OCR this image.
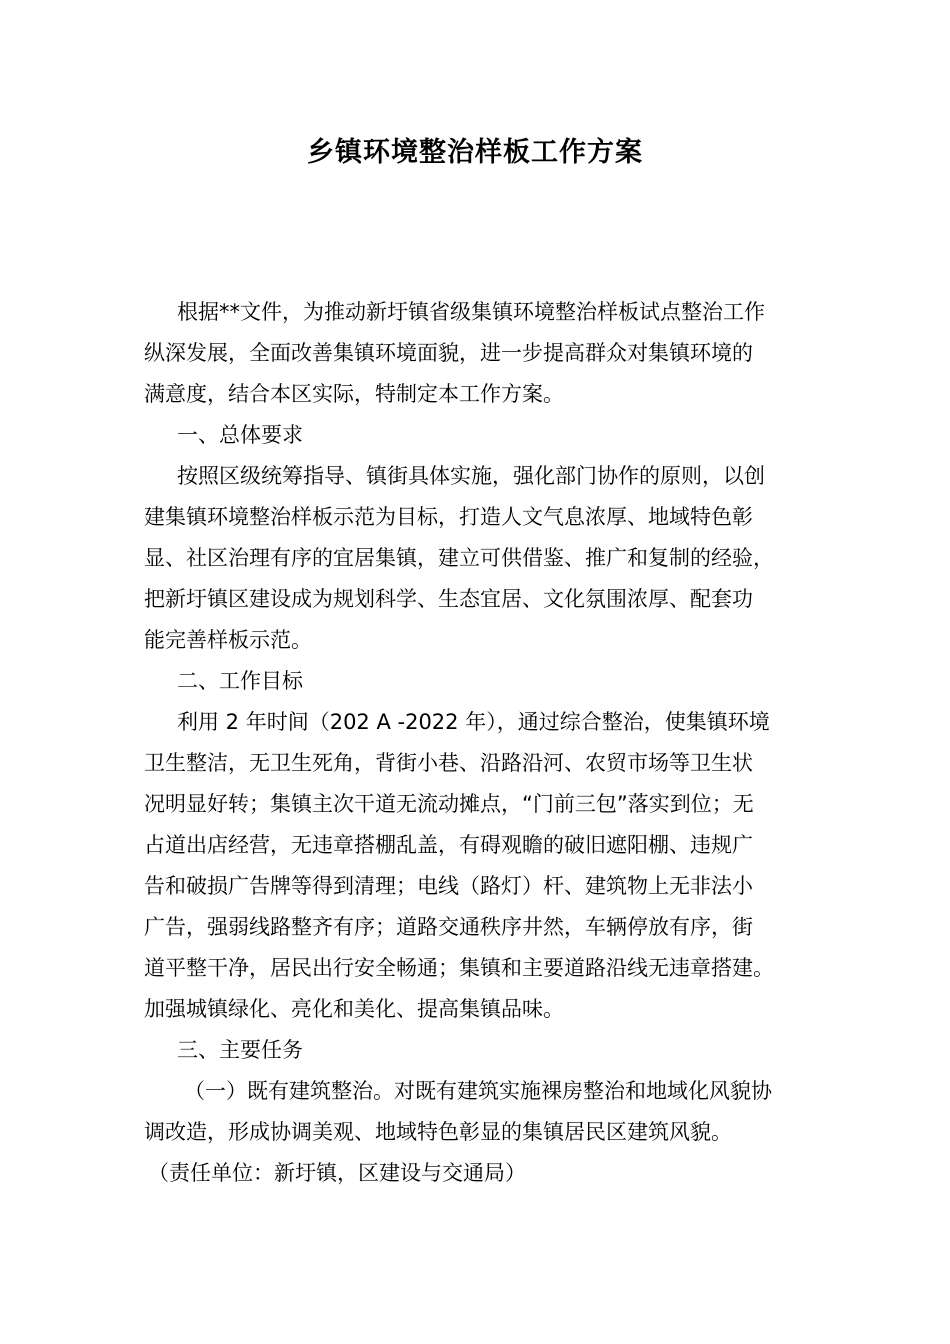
乡镇环境整治样板工作方案
根据**文件，为推动新圩镇省级集镇环境整治样板试点整治工作
纵深发展，全面改善集镇环境面貌，进一步提高群众对集镇环境的
满意度，结合本区实际，特制定本工作方案。
一、总体要求
按照区级统筹指导、镇街具体实施，强化部门协作的原则，以创
建集镇环境整治样板示范为目标，打造人文气息浓厚、地域特色彰
显、社区治理有序的宜居集镇，建立可供借鉴、推广和复制的经验，
把新圩镇区建设成为规划科学、生态宜居、文化氛围浓厚、配套功
能完善样板示范。
二、工作目标
利用 2 年时间（202 A -2022 年），通过综合整治，使集镇环境
卫生整洁，无卫生死角，背街小巷、沿路沿河、农贸市场等卫生状
况明显好转；集镇主次干道无流动摊点，“门前三包”落实到位；无
占道出店经营，无违章搭棚乱盖，有碍观瞻的破旧遮阳棚、违规广
告和破损广告牌等得到清理；电线（路灯）杆、建筑物上无非法小
广告，强弱线路整齐有序；道路交通秩序井然，车辆停放有序，街
道平整干净，居民出行安全畅通；集镇和主要道路沿线无违章搭建。
加强城镇绿化、亮化和美化、提高集镇品味。
三、主要任务
（一）既有建筑整治。对既有建筑实施裸房整治和地域化风貌协
调改造，形成协调美观、地域特色彰显的集镇居民区建筑风貌。
（责任单位：新圩镇，区建设与交通局）
